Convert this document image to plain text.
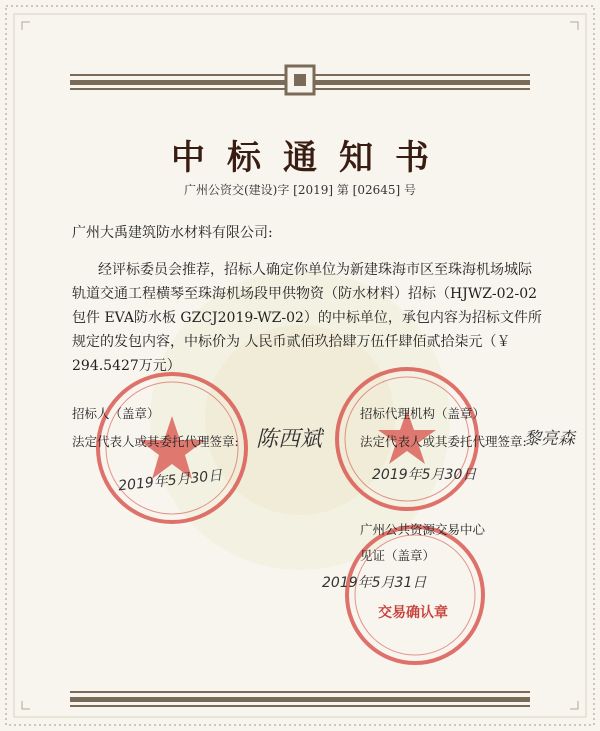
中标通知书
广州公资交(建设)字 [2019] 第 [02645] 号
广州大禹建筑防水材料有限公司:

经评标委员会推荐，招标人确定你单位为新建珠海市区至珠海机场城际

轨道交通工程横琴至珠海机场段甲供物资（防水材料）招标（HJWZ-02-02

包件 EVA防水板 GZCJ2019-WZ-02）的中标单位，承包内容为招标文件所

规定的发包内容，中标价为 人民币贰佰玖拾肆万伍仟肆佰贰拾柒元（￥

294.5427万元）

交易确认章
招标人（盖章）
法定代表人或其委托代理签章: 陈西斌
2019年5月30日
招标代理机构（盖章）
法定代表人或其委托代理签章:
黎亮森
2019年5月30日
广州公共资源交易中心
见证（盖章）
2019年5月31日
